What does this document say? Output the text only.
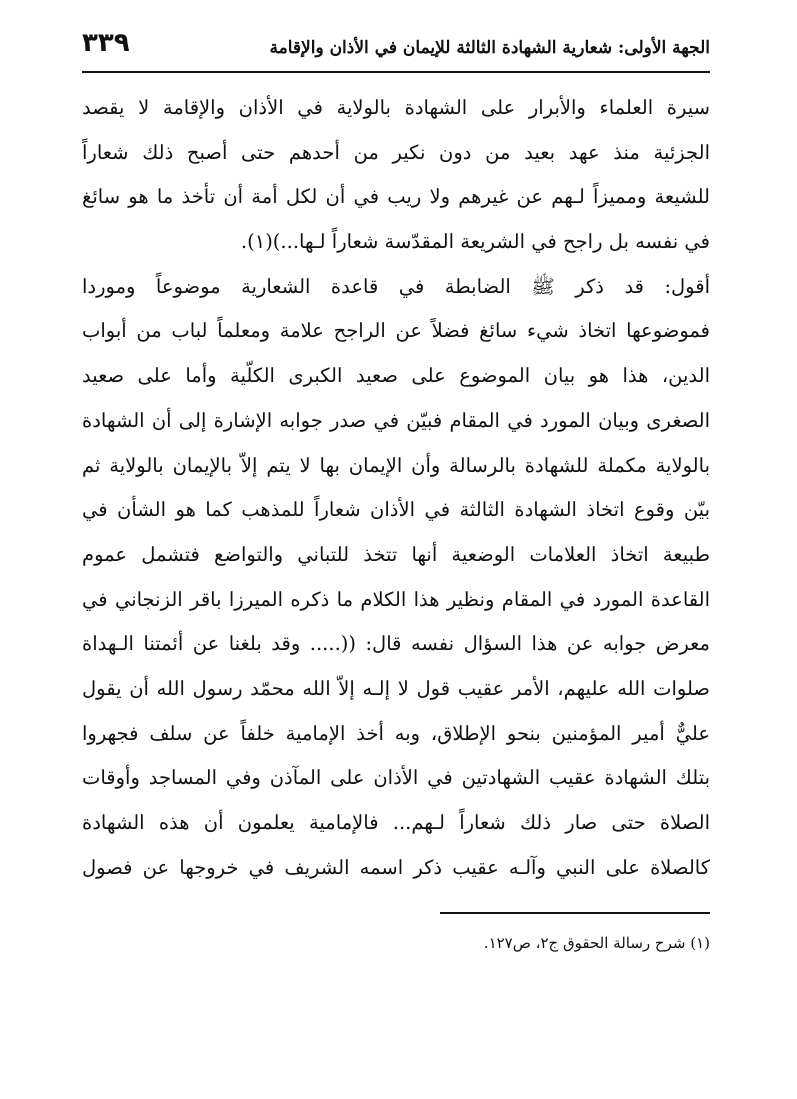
الجهة الأولى: شعارية الشهادة الثالثة للإيمان في الأذان والإقامة
٣٣٩
سيرة العلماء والأبرار على الشهادة بالولاية في الأذان والإقامة لا يقصد
الجزئية منذ عهد بعيد من دون نكير من أحدهم حتى أصبح ذلك شعاراً
للشيعة ومميزاً لـهم عن غيرهم ولا ريب في أن لكل أمة أن تأخذ ما هو سائغ
في نفسه بل راجح في الشريعة المقدّسة شعاراً لـها...)(١).
أقول: قد ذكر ﷺ الضابطة في قاعدة الشعارية موضوعاً وموردا
فموضوعها اتخاذ شيء سائغ فضلاً عن الراجح علامة ومعلماً لباب من أبواب
الدين، هذا هو بيان الموضوع على صعيد الكبرى الكلّية وأما على صعيد
الصغرى وبيان المورد في المقام فبيّن في صدر جوابه الإشارة إلى أن الشهادة
بالولاية مكملة للشهادة بالرسالة وأن الإيمان بها لا يتم إلاّ بالإيمان بالولاية ثم
بيّن وقوع اتخاذ الشهادة الثالثة في الأذان شعاراً للمذهب كما هو الشأن في
طبيعة اتخاذ العلامات الوضعية أنها تتخذ للتباني والتواضع فتشمل عموم
القاعدة المورد في المقام ونظير هذا الكلام ما ذكره الميرزا باقر الزنجاني في
معرض جوابه عن هذا السؤال نفسه قال: ((..... وقد بلغنا عن أئمتنا الـهداة
صلوات الله عليهم، الأمر عقيب قول لا إلـه إلاّ الله محمّد رسول الله أن يقول
عليٌّ أمير المؤمنين بنحو الإطلاق، وبه أخذ الإمامية خلفاً عن سلف فجهروا
بتلك الشهادة عقيب الشهادتين في الأذان على المآذن وفي المساجد وأوقات
الصلاة حتى صار ذلك شعاراً لـهم... فالإمامية يعلمون أن هذه الشهادة
كالصلاة على النبي وآلـه عقيب ذكر اسمه الشريف في خروجها عن فصول
(١) شرح رسالة الحقوق ج٢، ص١٢٧.
